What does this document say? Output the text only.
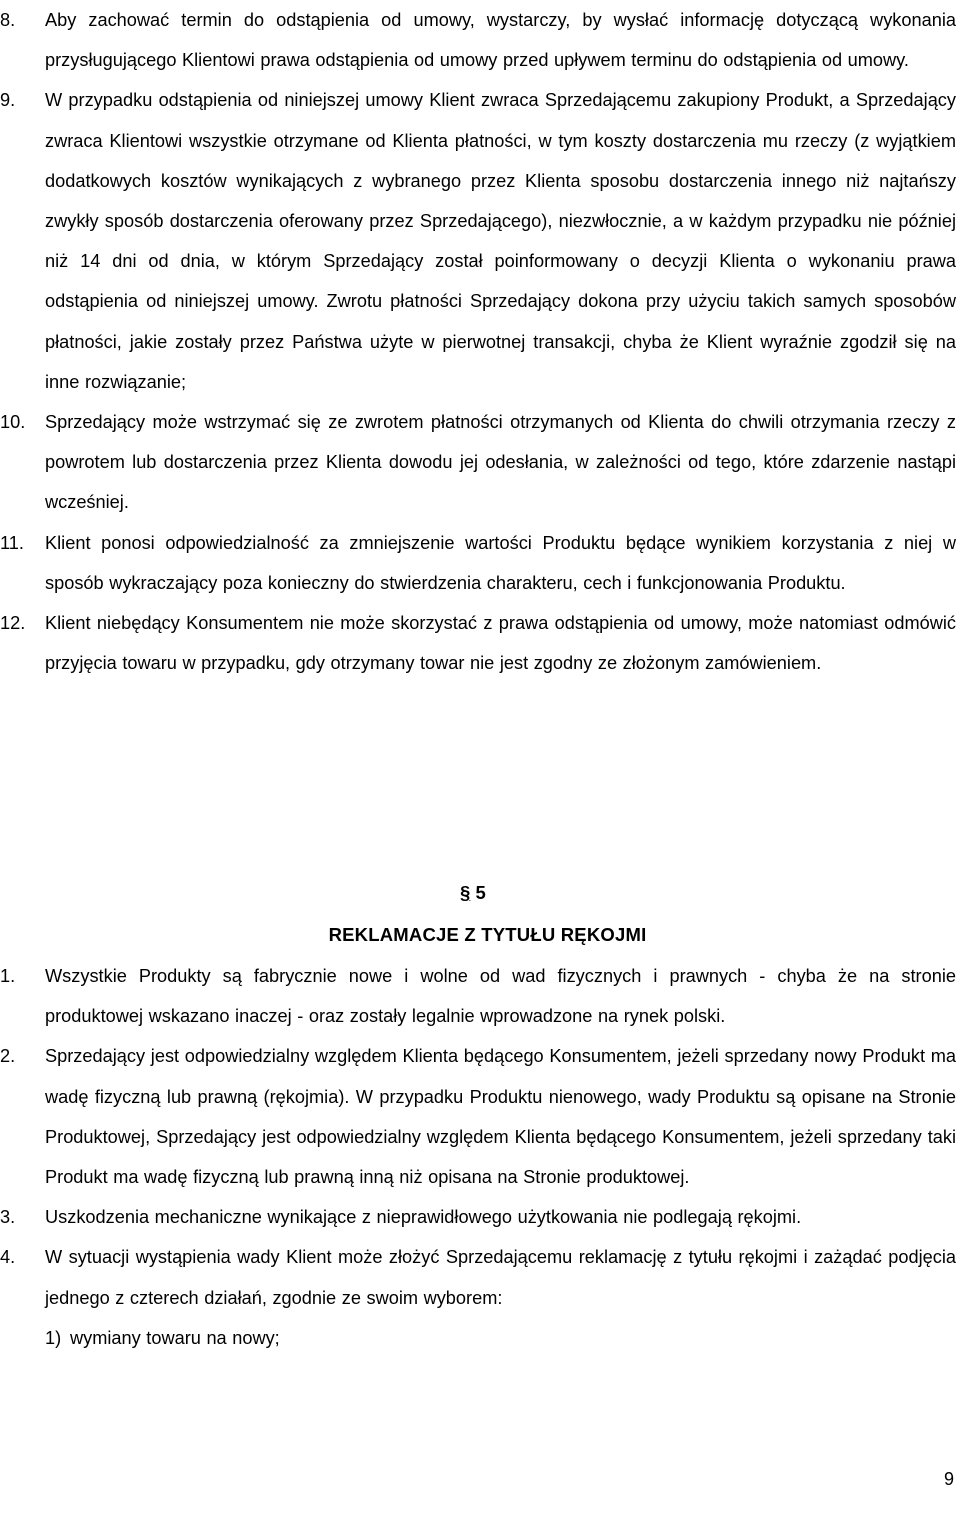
8. Aby zachować termin do odstąpienia od umowy, wystarczy, by wysłać informację dotyczącą wykonania przysługującego Klientowi prawa odstąpienia od umowy przed upływem terminu do odstąpienia od umowy.
9. W przypadku odstąpienia od niniejszej umowy Klient zwraca Sprzedającemu zakupiony Produkt, a Sprzedający zwraca Klientowi wszystkie otrzymane od Klienta płatności, w tym koszty dostarczenia mu rzeczy (z wyjątkiem dodatkowych kosztów wynikających z wybranego przez Klienta sposobu dostarczenia innego niż najtańszy zwykły sposób dostarczenia oferowany przez Sprzedającego), niezwłocznie, a w każdym przypadku nie później niż 14 dni od dnia, w którym Sprzedający został poinformowany o decyzji Klienta o wykonaniu prawa odstąpienia od niniejszej umowy. Zwrotu płatności Sprzedający dokona przy użyciu takich samych sposobów płatności, jakie zostały przez Państwa użyte w pierwotnej transakcji, chyba że Klient wyraźnie zgodził się na inne rozwiązanie;
10. Sprzedający może wstrzymać się ze zwrotem płatności otrzymanych od Klienta do chwili otrzymania rzeczy z powrotem lub dostarczenia przez Klienta dowodu jej odesłania, w zależności od tego, które zdarzenie nastąpi wcześniej.
11. Klient ponosi odpowiedzialność za zmniejszenie wartości Produktu będące wynikiem korzystania z niej w sposób wykraczający poza konieczny do stwierdzenia charakteru, cech i funkcjonowania Produktu.
12. Klient niebędący Konsumentem nie może skorzystać z prawa odstąpienia od umowy, może natomiast odmówić przyjęcia towaru w przypadku, gdy otrzymany towar nie jest zgodny ze złożonym zamówieniem.
§ 5
REKLAMACJE Z TYTUŁU RĘKOJMI
1. Wszystkie Produkty są fabrycznie nowe i wolne od wad fizycznych i prawnych - chyba że na stronie produktowej wskazano inaczej - oraz zostały legalnie wprowadzone na rynek polski.
2. Sprzedający jest odpowiedzialny względem Klienta będącego Konsumentem, jeżeli sprzedany nowy Produkt ma wadę fizyczną lub prawną (rękojmia). W przypadku Produktu nienowego, wady Produktu są opisane na Stronie Produktowej, Sprzedający jest odpowiedzialny względem Klienta będącego Konsumentem, jeżeli sprzedany taki Produkt ma wadę fizyczną lub prawną inną niż opisana na Stronie produktowej.
3. Uszkodzenia mechaniczne wynikające z nieprawidłowego użytkowania nie podlegają rękojmi.
4. W sytuacji wystąpienia wady Klient może złożyć Sprzedającemu reklamację z tytułu rękojmi i zażądać podjęcia jednego z czterech działań, zgodnie ze swoim wyborem:
1) wymiany towaru na nowy;
9
